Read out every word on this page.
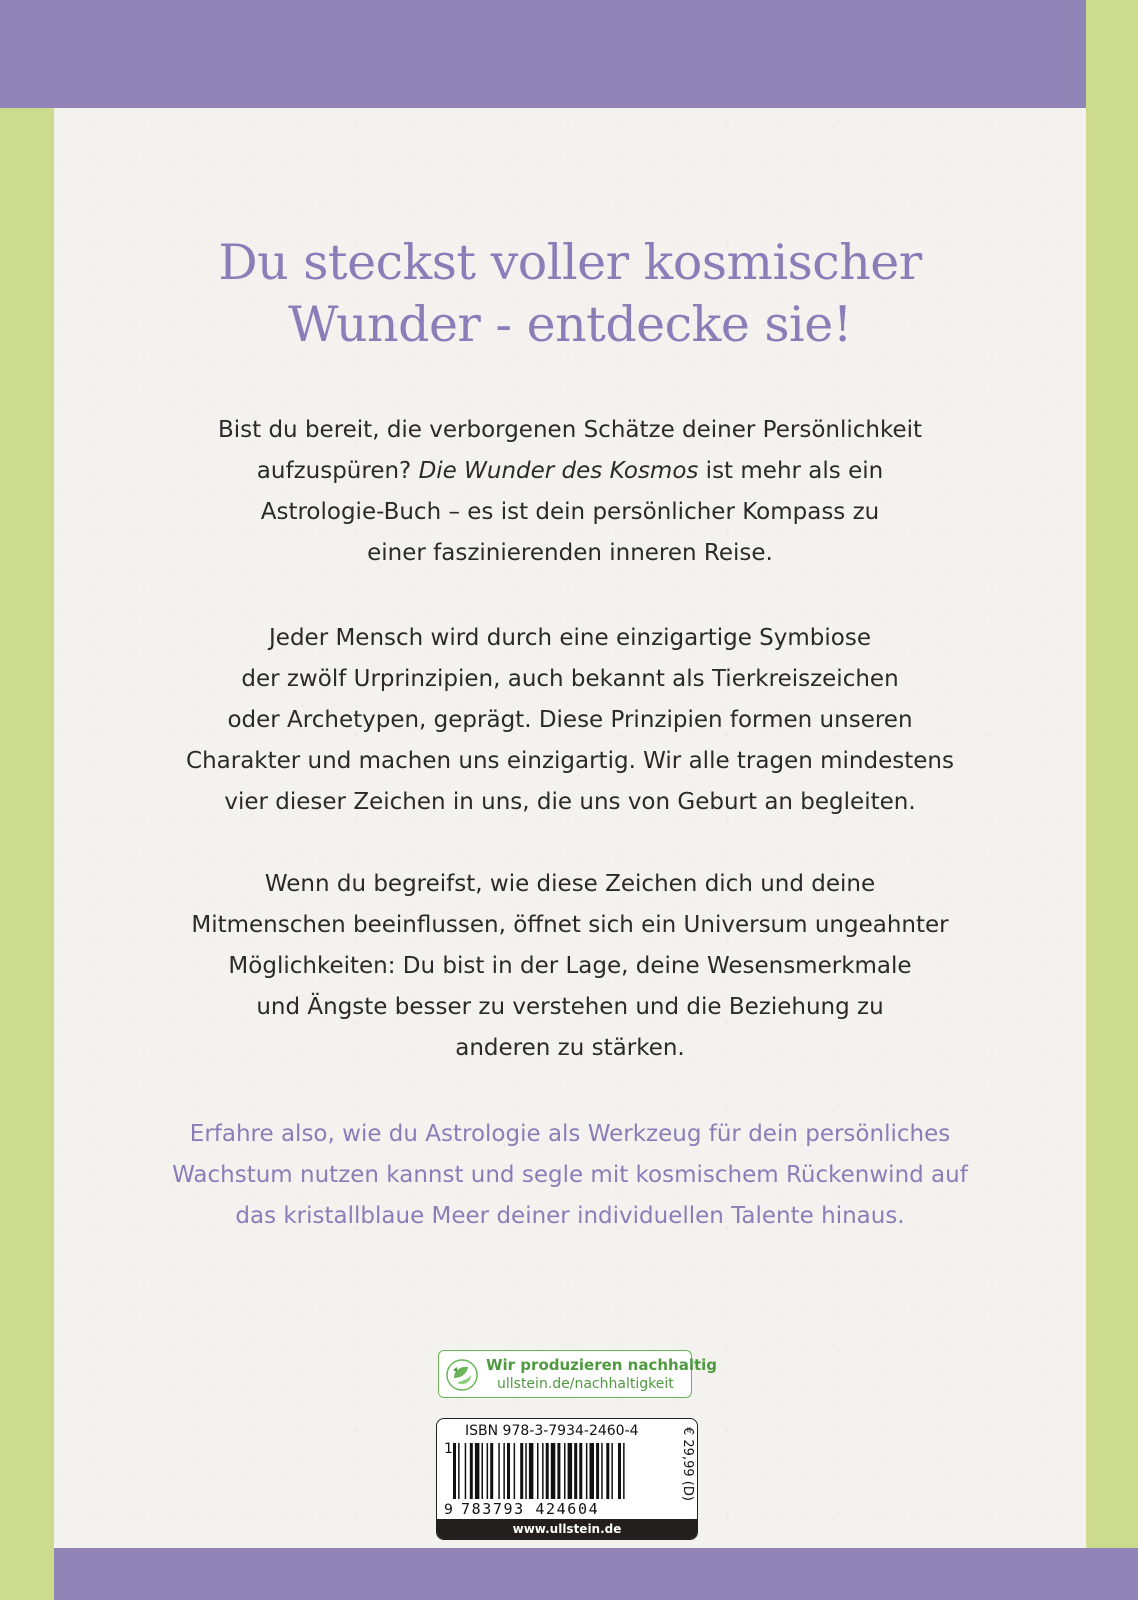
Du steckst voller kosmischer
Wunder - entdecke sie!
Bist du bereit, die verborgenen Schätze deiner Persönlichkeit
aufzuspüren? Die Wunder des Kosmos ist mehr als ein
Astrologie-Buch – es ist dein persönlicher Kompass zu
einer faszinierenden inneren Reise.
Jeder Mensch wird durch eine einzigartige Symbiose
der zwölf Urprinzipien, auch bekannt als Tierkreiszeichen
oder Archetypen, geprägt. Diese Prinzipien formen unseren
Charakter und machen uns einzigartig. Wir alle tragen mindestens
vier dieser Zeichen in uns, die uns von Geburt an begleiten.
Wenn du begreifst, wie diese Zeichen dich und deine
Mitmenschen beeinflussen, öffnet sich ein Universum ungeahnter
Möglichkeiten: Du bist in der Lage, deine Wesensmerkmale
und Ängste besser zu verstehen und die Beziehung zu
anderen zu stärken.
Erfahre also, wie du Astrologie als Werkzeug für dein persönliches
Wachstum nutzen kannst und segle mit kosmischem Rückenwind auf
das kristallblaue Meer deiner individuellen Talente hinaus.
Wir produzieren nachhaltig
ullstein.de/nachhaltigkeit
ISBN 978-3-7934-2460-4
1
9 783793 424604
€ 29,99 (D)
www.ullstein.de
